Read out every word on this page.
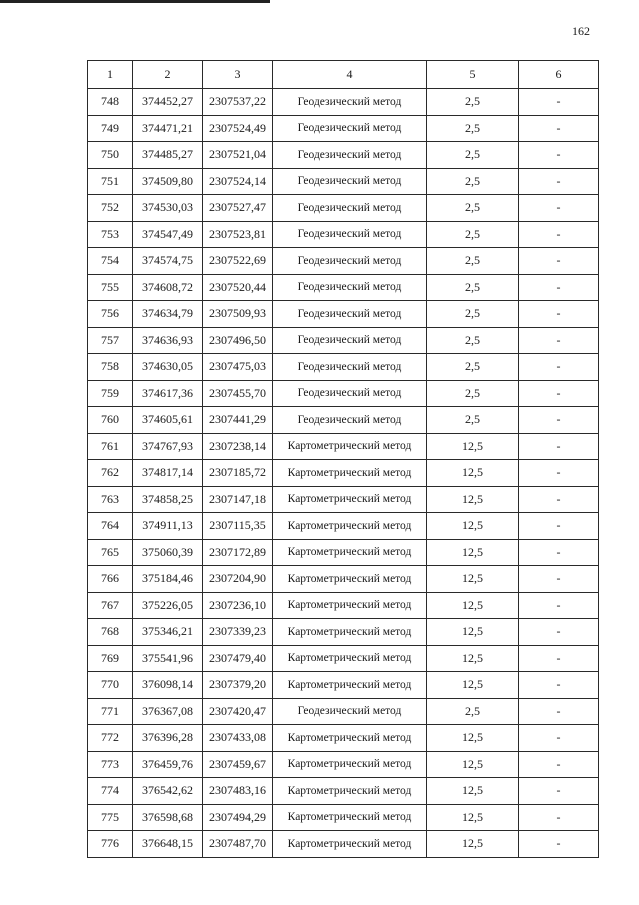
162
1	2	3	4	5	6
748	374452,27	2307537,22	Геодезический метод	2,5	-
749	374471,21	2307524,49	Геодезический метод	2,5	-
750	374485,27	2307521,04	Геодезический метод	2,5	-
751	374509,80	2307524,14	Геодезический метод	2,5	-
752	374530,03	2307527,47	Геодезический метод	2,5	-
753	374547,49	2307523,81	Геодезический метод	2,5	-
754	374574,75	2307522,69	Геодезический метод	2,5	-
755	374608,72	2307520,44	Геодезический метод	2,5	-
756	374634,79	2307509,93	Геодезический метод	2,5	-
757	374636,93	2307496,50	Геодезический метод	2,5	-
758	374630,05	2307475,03	Геодезический метод	2,5	-
759	374617,36	2307455,70	Геодезический метод	2,5	-
760	374605,61	2307441,29	Геодезический метод	2,5	-
761	374767,93	2307238,14	Картометрический метод	12,5	-
762	374817,14	2307185,72	Картометрический метод	12,5	-
763	374858,25	2307147,18	Картометрический метод	12,5	-
764	374911,13	2307115,35	Картометрический метод	12,5	-
765	375060,39	2307172,89	Картометрический метод	12,5	-
766	375184,46	2307204,90	Картометрический метод	12,5	-
767	375226,05	2307236,10	Картометрический метод	12,5	-
768	375346,21	2307339,23	Картометрический метод	12,5	-
769	375541,96	2307479,40	Картометрический метод	12,5	-
770	376098,14	2307379,20	Картометрический метод	12,5	-
771	376367,08	2307420,47	Геодезический метод	2,5	-
772	376396,28	2307433,08	Картометрический метод	12,5	-
773	376459,76	2307459,67	Картометрический метод	12,5	-
774	376542,62	2307483,16	Картометрический метод	12,5	-
775	376598,68	2307494,29	Картометрический метод	12,5	-
776	376648,15	2307487,70	Картометрический метод	12,5	-
